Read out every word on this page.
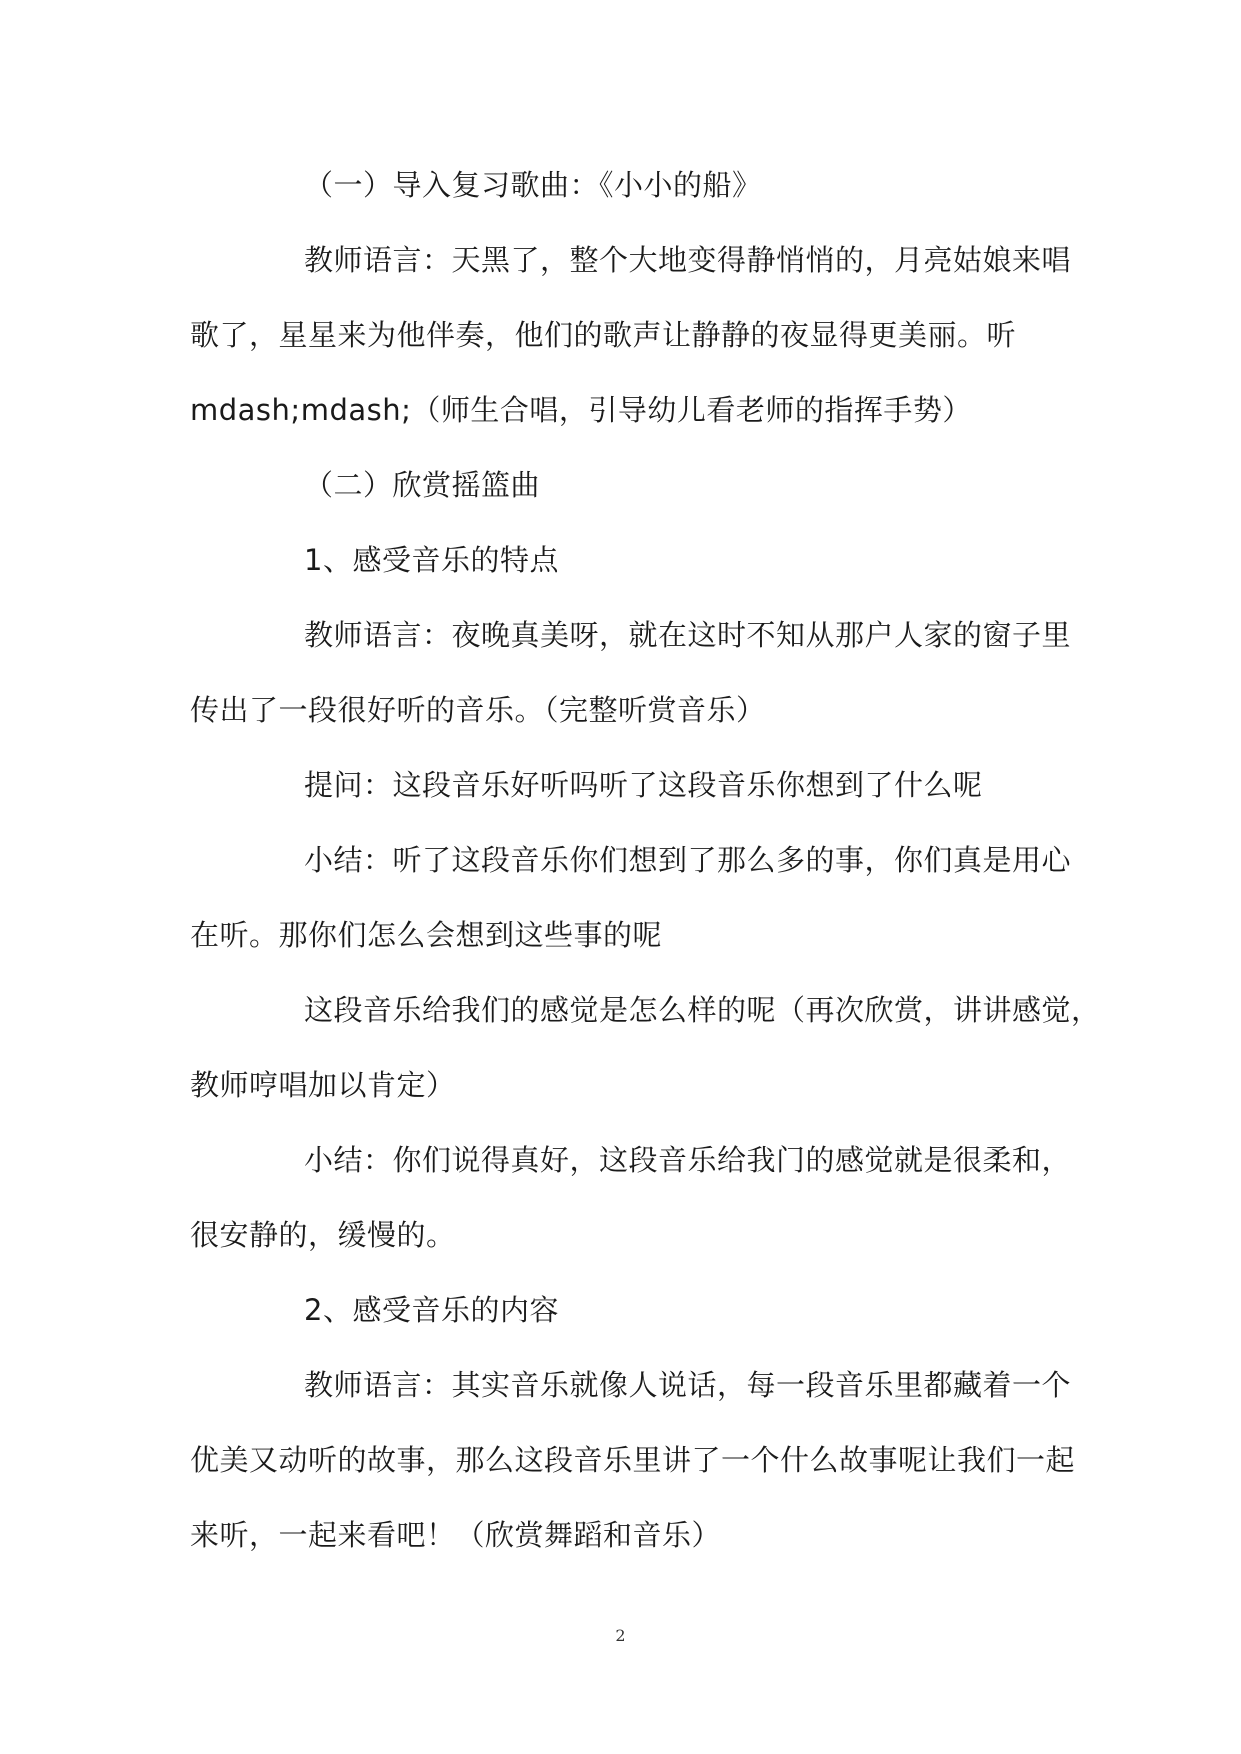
（一）导入复习歌曲：《小小的船》

教师语言：天黑了，整个大地变得静悄悄的，月亮姑娘来唱
歌了，星星来为他伴奏，他们的歌声让静静的夜显得更美丽。听
mdash;mdash;（师生合唱，引导幼儿看老师的指挥手势）

（二）欣赏摇篮曲

1、感受音乐的特点

教师语言：夜晚真美呀，就在这时不知从那户人家的窗子里
传出了一段很好听的音乐。（完整听赏音乐）

提问：这段音乐好听吗听了这段音乐你想到了什么呢

小结：听了这段音乐你们想到了那么多的事，你们真是用心
在听。那你们怎么会想到这些事的呢

这段音乐给我们的感觉是怎么样的呢（再次欣赏，讲讲感觉，
教师哼唱加以肯定）

小结：你们说得真好，这段音乐给我门的感觉就是很柔和，
很安静的，缓慢的。

2、感受音乐的内容

教师语言：其实音乐就像人说话，每一段音乐里都藏着一个
优美又动听的故事，那么这段音乐里讲了一个什么故事呢让我们一起
来听，一起来看吧！（欣赏舞蹈和音乐）

2
